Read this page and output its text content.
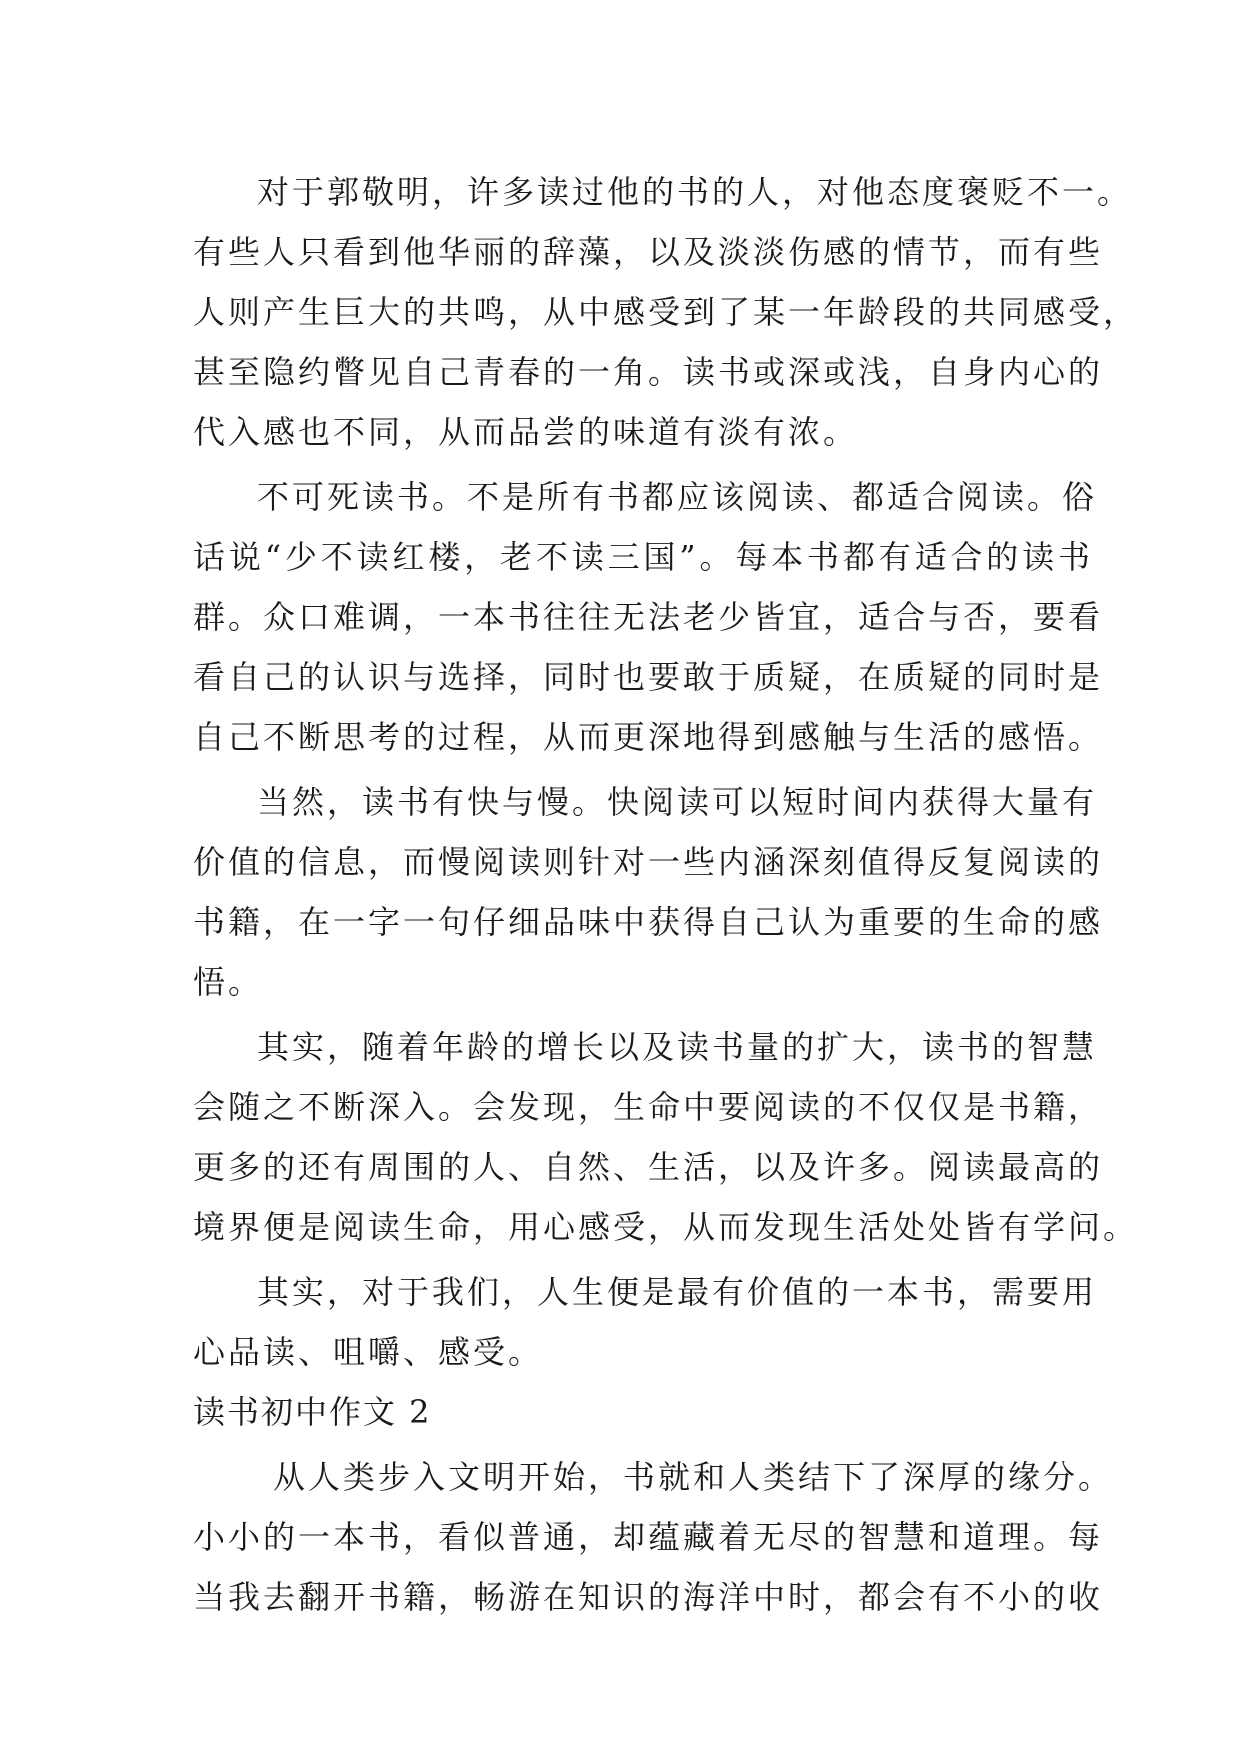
对于郭敬明，许多读过他的书的人，对他态度褒贬不一。
有些人只看到他华丽的辞藻，以及淡淡伤感的情节，而有些
人则产生巨大的共鸣，从中感受到了某一年龄段的共同感受，
甚至隐约瞥见自己青春的一角。读书或深或浅，自身内心的
代入感也不同，从而品尝的味道有淡有浓。
不可死读书。不是所有书都应该阅读、都适合阅读。俗
话说“少不读红楼，老不读三国”。每本书都有适合的读书
群。众口难调，一本书往往无法老少皆宜，适合与否，要看
看自己的认识与选择，同时也要敢于质疑，在质疑的同时是
自己不断思考的过程，从而更深地得到感触与生活的感悟。
当然，读书有快与慢。快阅读可以短时间内获得大量有
价值的信息，而慢阅读则针对一些内涵深刻值得反复阅读的
书籍，在一字一句仔细品味中获得自己认为重要的生命的感
悟。
其实，随着年龄的增长以及读书量的扩大，读书的智慧
会随之不断深入。会发现，生命中要阅读的不仅仅是书籍，
更多的还有周围的人、自然、生活，以及许多。阅读最高的
境界便是阅读生命，用心感受，从而发现生活处处皆有学问。
其实，对于我们，人生便是最有价值的一本书，需要用
心品读、咀嚼、感受。
读书初中作文 2
从人类步入文明开始，书就和人类结下了深厚的缘分。
小小的一本书，看似普通，却蕴藏着无尽的智慧和道理。每
当我去翻开书籍，畅游在知识的海洋中时，都会有不小的收
